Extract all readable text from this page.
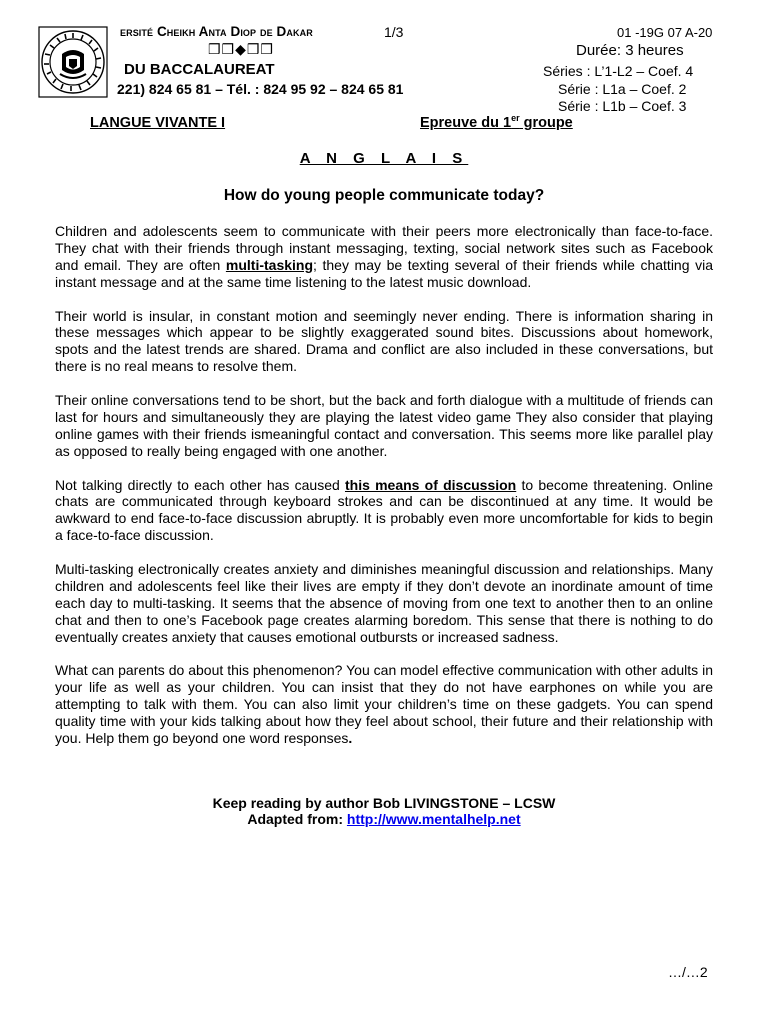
ersité Cheikh Anta Diop de Dakar	1/3	01 -19G 07 A-20
❒❒◆❒❒	Durée: 3 heures
DU BACCALAUREAT	Séries : L’1-L2 – Coef. 4
221) 824 65 81 – Tél. : 824 95 92 – 824 65 81	Série : L1a – Coef. 2
Série : L1b – Coef. 3
LANGUE VIVANTE I	Epreuve du 1er groupe
A N G L A I S
How do young people communicate today?

Children and adolescents seem to communicate with their peers more electronically than face-to-face. They chat with their friends through instant messaging, texting, social network sites such as Facebook and email. They are often multi-tasking; they may be texting several of their friends while chatting via instant message and at the same time listening to the latest music download.

Their world is insular, in constant motion and seemingly never ending. There is information sharing in these messages which appear to be slightly exaggerated sound bites. Discussions about homework, spots and the latest trends are shared. Drama and conflict are also included in these conversations, but there is no real means to resolve them.

Their online conversations tend to be short, but the back and forth dialogue with a multitude of friends can last for hours and simultaneously they are playing the latest video game They also consider that playing online games with their friends ismeaningful contact and conversation. This seems more like parallel play as opposed to really being engaged with one another.

Not talking directly to each other has caused this means of discussion to become threatening. Online chats are communicated through keyboard strokes and can be discontinued at any time. It would be awkward to end face-to-face discussion abruptly. It is probably even more uncomfortable for kids to begin a face-to-face discussion.

Multi-tasking electronically creates anxiety and diminishes meaningful discussion and relationships. Many children and adolescents feel like their lives are empty if they don’t devote an inordinate amount of time each day to multi-tasking. It seems that the absence of moving from one text to another then to an online chat and then to one’s Facebook page creates alarming boredom. This sense that there is nothing to do eventually creates anxiety that causes emotional outbursts or increased sadness.

What can parents do about this phenomenon? You can model effective communication with other adults in your life as well as your children. You can insist that they do not have earphones on while you are attempting to talk with them. You can also limit your children’s time on these gadgets. You can spend quality time with your kids talking about how they feel about school, their future and their relationship with you. Help them go beyond one word responses.

Keep reading by author Bob LIVINGSTONE – LCSW
Adapted from: http://www.mentalhelp.net
…/…2
